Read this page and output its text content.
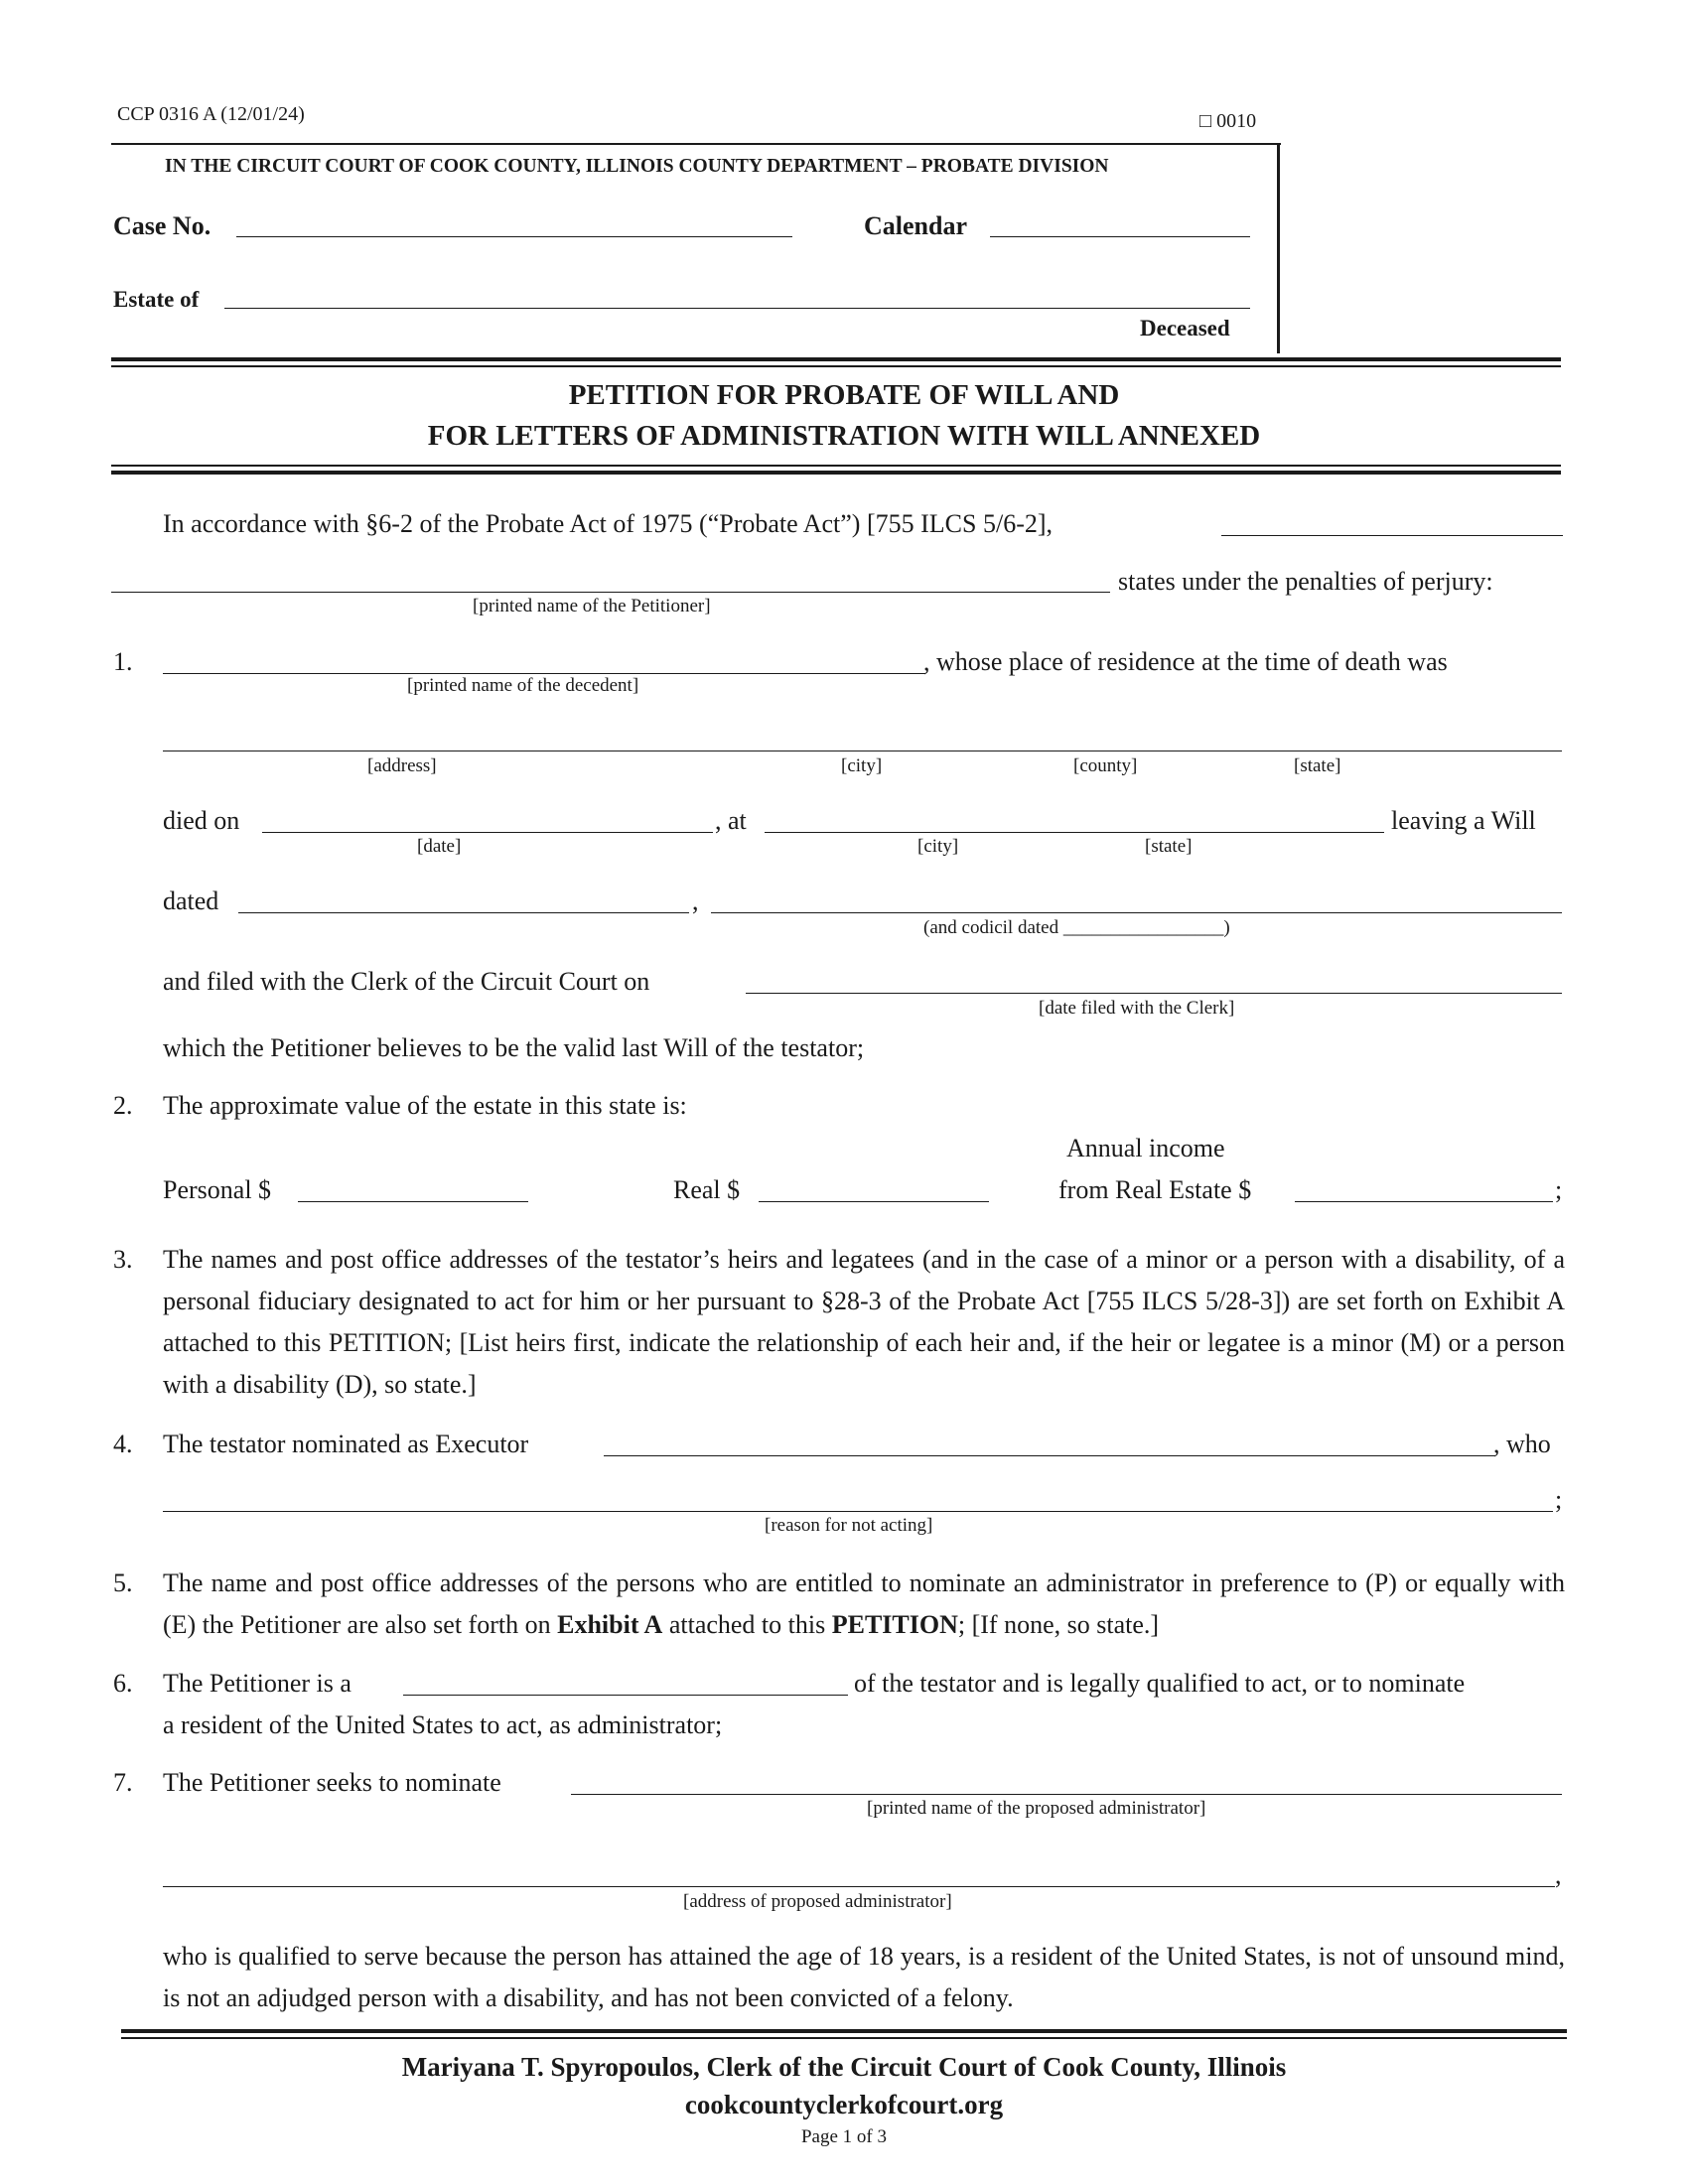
CCP 0316 A (12/01/24)	□ 0010
IN THE CIRCUIT COURT OF COOK COUNTY, ILLINOIS COUNTY DEPARTMENT – PROBATE DIVISION
Case No.	Calendar
Estate of
Deceased
PETITION FOR PROBATE OF WILL AND
FOR LETTERS OF ADMINISTRATION WITH WILL ANNEXED
In accordance with §6-2 of the Probate Act of 1975 (“Probate Act”) [755 ILCS 5/6-2],
states under the penalties of perjury:
[printed name of the Petitioner]
1.	, whose place of residence at the time of death was
[printed name of the decedent]
[address]	[city]	[county]	[state]
died on	, at	leaving a Will
[date]	[city]	[state]
dated	,
(and codicil dated _________________)
and filed with the Clerk of the Circuit Court on
[date filed with the Clerk]
which the Petitioner believes to be the valid last Will of the testator;
2. The approximate value of the estate in this state is:
Annual income
Personal $	Real $	from Real Estate $	;
3. The names and post office addresses of the testator’s heirs and legatees (and in the case of a minor or a person with a disability, of a personal fiduciary designated to act for him or her pursuant to §28-3 of the Probate Act [755 ILCS 5/28-3]) are set forth on Exhibit A attached to this PETITION; [List heirs first, indicate the relationship of each heir and, if the heir or legatee is a minor (M) or a person with a disability (D), so state.]
4. The testator nominated as Executor	, who
;
[reason for not acting]
5. The name and post office addresses of the persons who are entitled to nominate an administrator in preference to (P) or equally with (E) the Petitioner are also set forth on Exhibit A attached to this PETITION; [If none, so state.]
6. The Petitioner is a	of the testator and is legally qualified to act, or to nominate
a resident of the United States to act, as administrator;
7. The Petitioner seeks to nominate
[printed name of the proposed administrator]
,
[address of proposed administrator]
who is qualified to serve because the person has attained the age of 18 years, is a resident of the United States, is not of unsound mind, is not an adjudged person with a disability, and has not been convicted of a felony.
Mariyana T. Spyropoulos, Clerk of the Circuit Court of Cook County, Illinois
cookcountyclerkofcourt.org
Page 1 of 3
